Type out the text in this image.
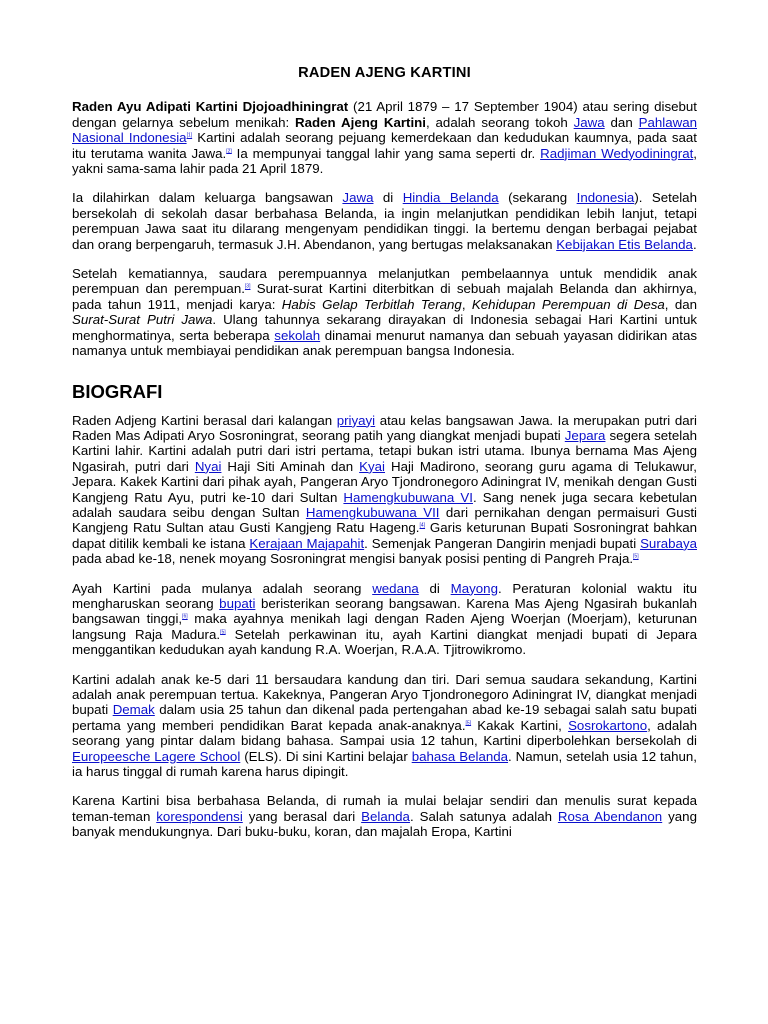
RADEN AJENG KARTINI

Raden Ayu Adipati Kartini Djojoadhiningrat (21 April 1879 – 17 September 1904) atau sering disebut dengan gelarnya sebelum menikah: Raden Ajeng Kartini, adalah seorang tokoh Jawa dan Pahlawan Nasional Indonesia[1] Kartini adalah seorang pejuang kemerdekaan dan kedudukan kaumnya, pada saat itu terutama wanita Jawa.[2] Ia mempunyai tanggal lahir yang sama seperti dr. Radjiman Wedyodiningrat, yakni sama-sama lahir pada 21 April 1879.

Ia dilahirkan dalam keluarga bangsawan Jawa di Hindia Belanda (sekarang Indonesia). Setelah bersekolah di sekolah dasar berbahasa Belanda, ia ingin melanjutkan pendidikan lebih lanjut, tetapi perempuan Jawa saat itu dilarang mengenyam pendidikan tinggi. Ia bertemu dengan berbagai pejabat dan orang berpengaruh, termasuk J.H. Abendanon, yang bertugas melaksanakan Kebijakan Etis Belanda.

Setelah kematiannya, saudara perempuannya melanjutkan pembelaannya untuk mendidik anak perempuan dan perempuan.[3] Surat-surat Kartini diterbitkan di sebuah majalah Belanda dan akhirnya, pada tahun 1911, menjadi karya: Habis Gelap Terbitlah Terang, Kehidupan Perempuan di Desa, dan Surat-Surat Putri Jawa. Ulang tahunnya sekarang dirayakan di Indonesia sebagai Hari Kartini untuk menghormatinya, serta beberapa sekolah dinamai menurut namanya dan sebuah yayasan didirikan atas namanya untuk membiayai pendidikan anak perempuan bangsa Indonesia.

BIOGRAFI

Raden Adjeng Kartini berasal dari kalangan priyayi atau kelas bangsawan Jawa. Ia merupakan putri dari Raden Mas Adipati Aryo Sosroningrat, seorang patih yang diangkat menjadi bupati Jepara segera setelah Kartini lahir. Kartini adalah putri dari istri pertama, tetapi bukan istri utama. Ibunya bernama Mas Ajeng Ngasirah, putri dari Nyai Haji Siti Aminah dan Kyai Haji Madirono, seorang guru agama di Telukawur, Jepara. Kakek Kartini dari pihak ayah, Pangeran Aryo Tjondronegoro Adiningrat IV, menikah dengan Gusti Kangjeng Ratu Ayu, putri ke-10 dari Sultan Hamengkubuwana VI. Sang nenek juga secara kebetulan adalah saudara seibu dengan Sultan Hamengkubuwana VII dari pernikahan dengan permaisuri Gusti Kangjeng Ratu Sultan atau Gusti Kangjeng Ratu Hageng.[4] Garis keturunan Bupati Sosroningrat bahkan dapat ditilik kembali ke istana Kerajaan Majapahit. Semenjak Pangeran Dangirin menjadi bupati Surabaya pada abad ke-18, nenek moyang Sosroningrat mengisi banyak posisi penting di Pangreh Praja.[5]

Ayah Kartini pada mulanya adalah seorang wedana di Mayong. Peraturan kolonial waktu itu mengharuskan seorang bupati beristerikan seorang bangsawan. Karena Mas Ajeng Ngasirah bukanlah bangsawan tinggi,[6] maka ayahnya menikah lagi dengan Raden Ajeng Woerjan (Moerjam), keturunan langsung Raja Madura.[5] Setelah perkawinan itu, ayah Kartini diangkat menjadi bupati di Jepara menggantikan kedudukan ayah kandung R.A. Woerjan, R.A.A. Tjitrowikromo.

Kartini adalah anak ke-5 dari 11 bersaudara kandung dan tiri. Dari semua saudara sekandung, Kartini adalah anak perempuan tertua. Kakeknya, Pangeran Aryo Tjondronegoro Adiningrat IV, diangkat menjadi bupati Demak dalam usia 25 tahun dan dikenal pada pertengahan abad ke-19 sebagai salah satu bupati pertama yang memberi pendidikan Barat kepada anak-anaknya.[5] Kakak Kartini, Sosrokartono, adalah seorang yang pintar dalam bidang bahasa. Sampai usia 12 tahun, Kartini diperbolehkan bersekolah di Europeesche Lagere School (ELS). Di sini Kartini belajar bahasa Belanda. Namun, setelah usia 12 tahun, ia harus tinggal di rumah karena harus dipingit.

Karena Kartini bisa berbahasa Belanda, di rumah ia mulai belajar sendiri dan menulis surat kepada teman-teman korespondensi yang berasal dari Belanda. Salah satunya adalah Rosa Abendanon yang banyak mendukungnya. Dari buku-buku, koran, dan majalah Eropa, Kartini
